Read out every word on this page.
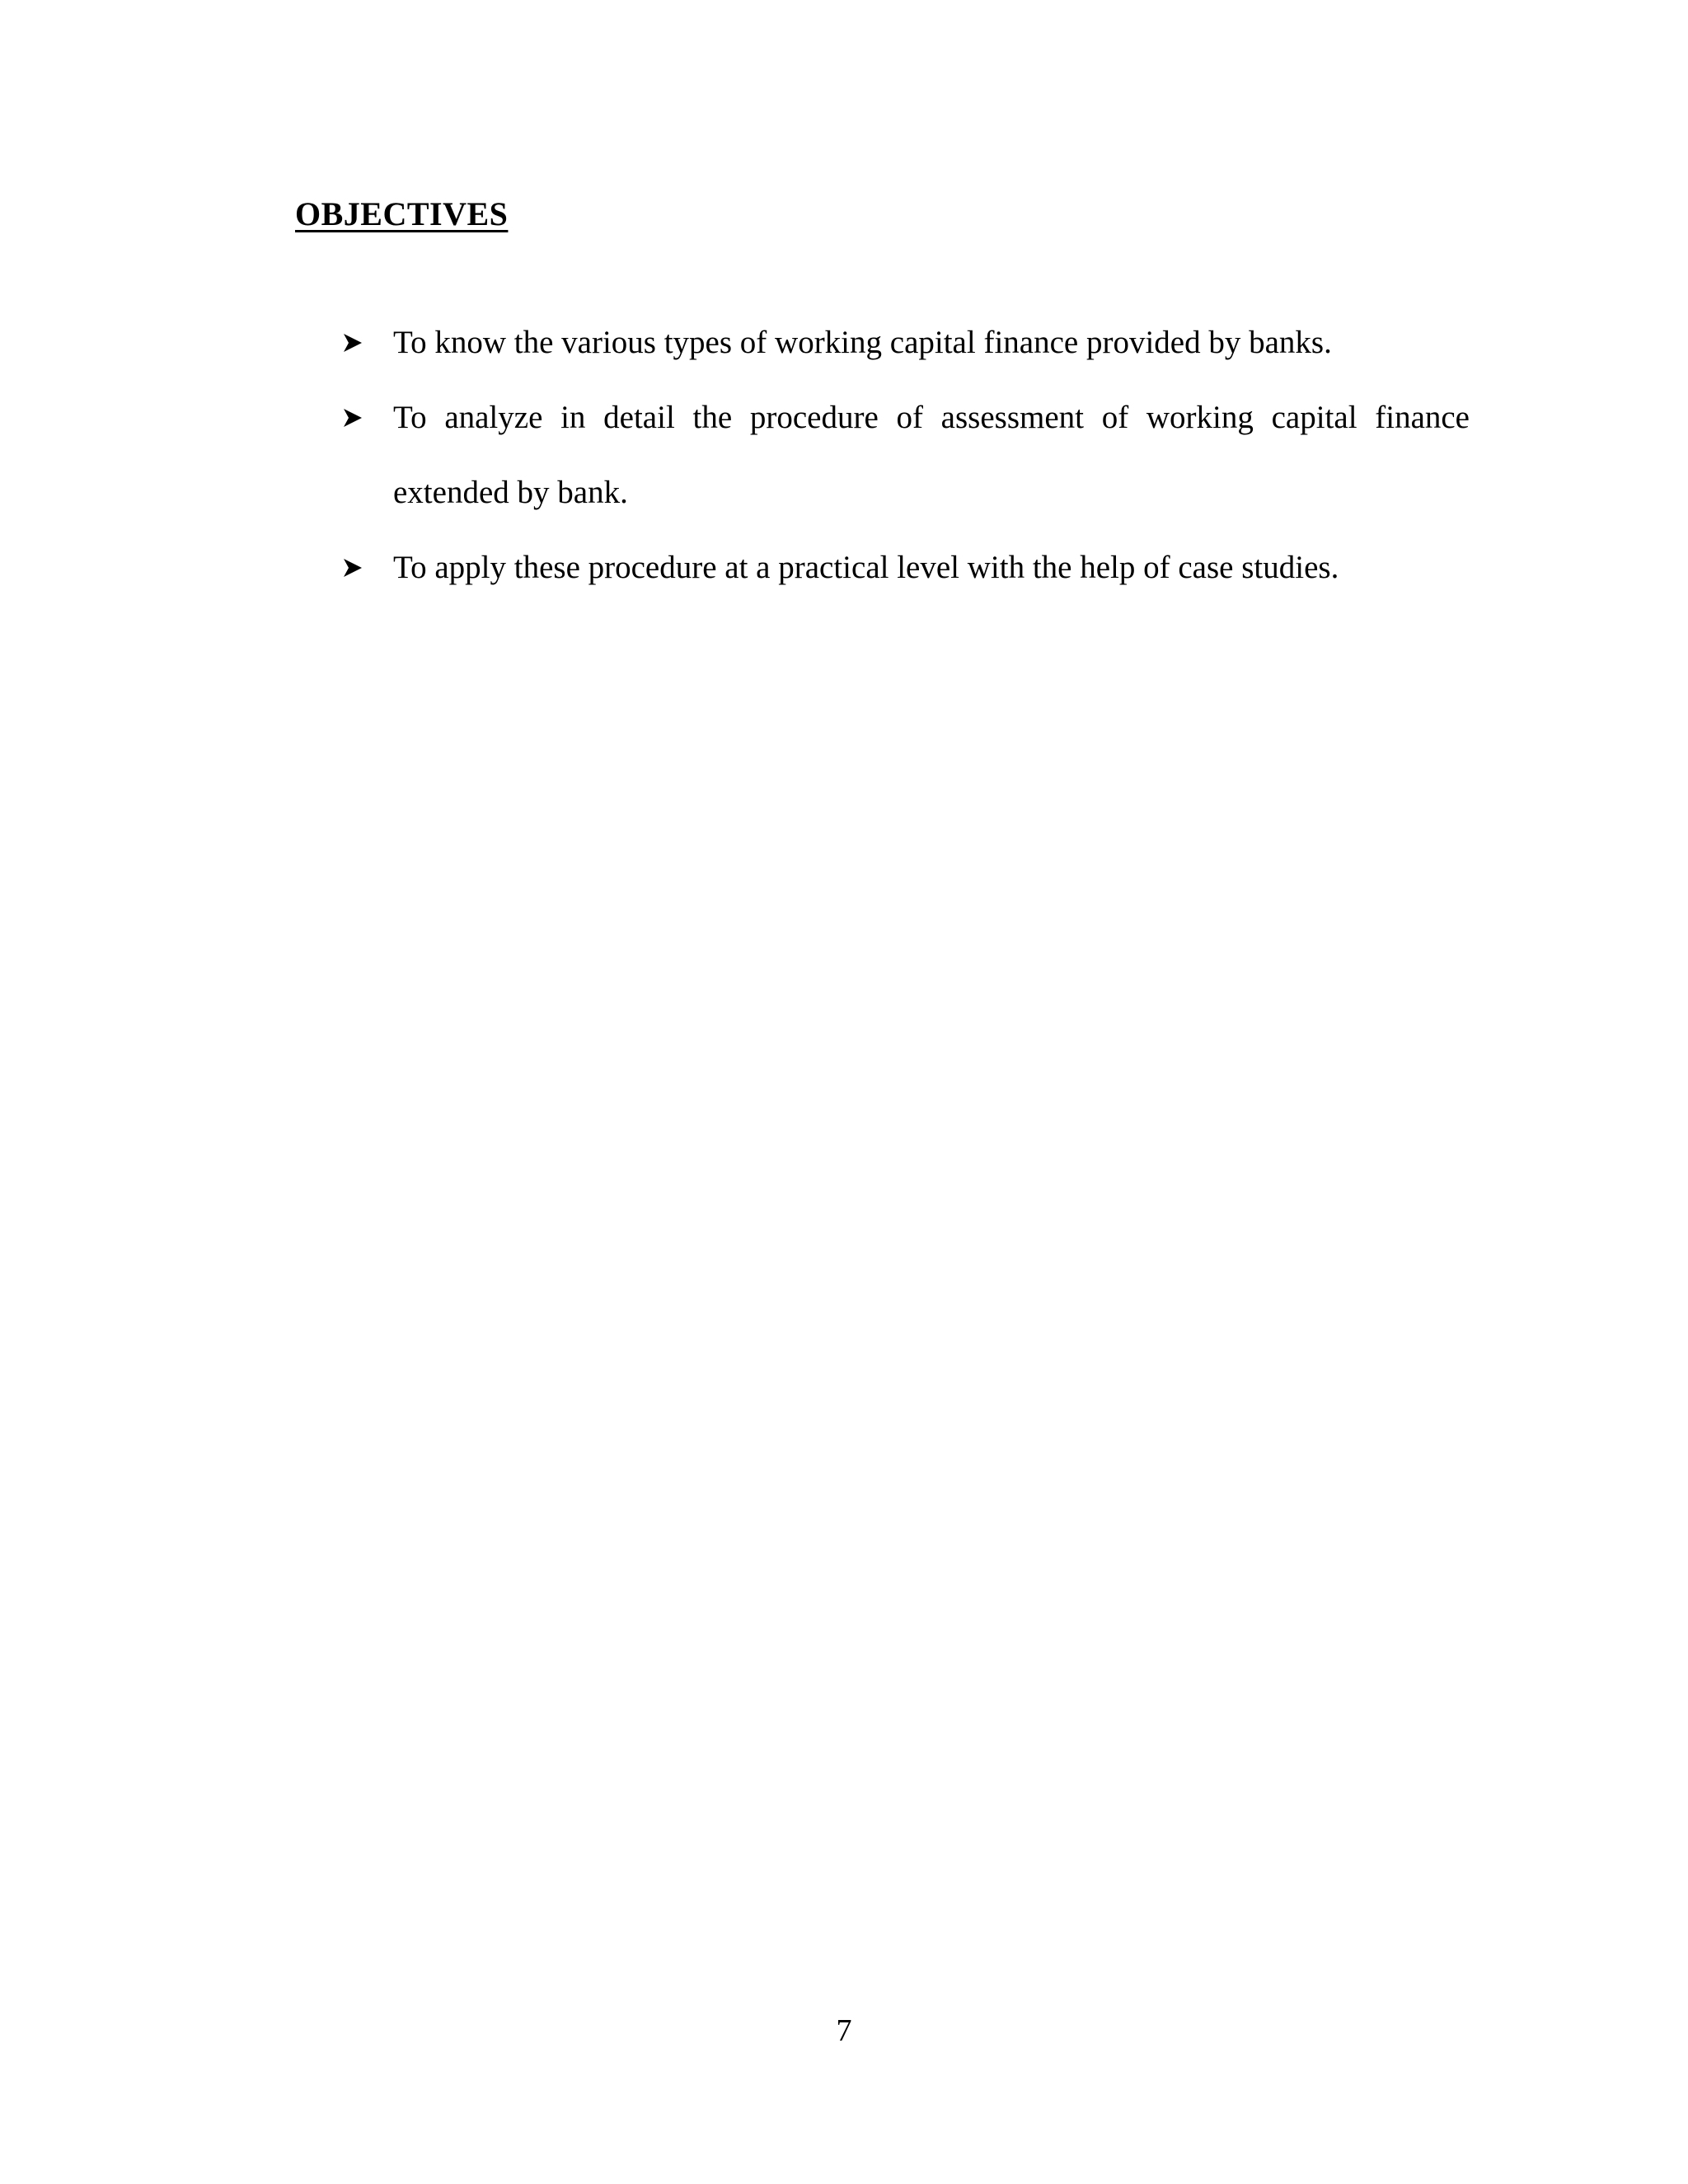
OBJECTIVES
To know the various types of working capital finance provided by banks.
To analyze in detail the procedure of assessment of working capital finance extended by bank.
To apply these procedure at a practical level with the help of case studies.

7
